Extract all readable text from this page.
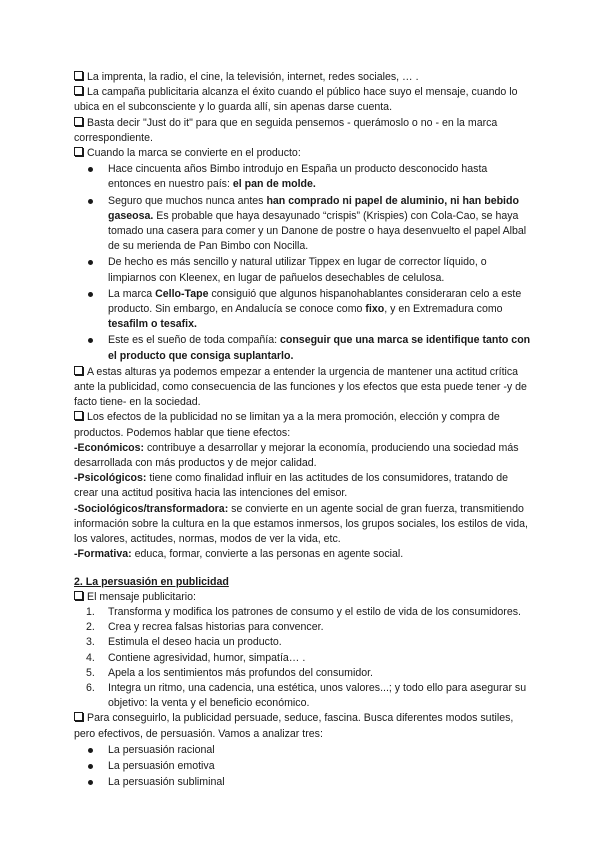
La imprenta, la radio, el cine, la televisión, internet, redes sociales, … .

La campaña publicitaria alcanza el éxito cuando el público hace suyo el mensaje, cuando lo ubica en el subconsciente y lo guarda allí, sin apenas darse cuenta.

Basta decir "Just do it" para que en seguida pensemos - querámoslo o no - en la marca correspondiente.

Cuando la marca se convierte en el producto:

Hace cincuenta años Bimbo introdujo en España un producto desconocido hasta entonces en nuestro país: el pan de molde.
Seguro que muchos nunca antes han comprado ni papel de aluminio, ni han bebido gaseosa. Es probable que haya desayunado “crispis” (Krispies) con Cola-Cao, se haya tomado una casera para comer y un Danone de postre o haya desenvuelto el papel Albal de su merienda de Pan Bimbo con Nocilla.
De hecho es más sencillo y natural utilizar Tippex en lugar de corrector líquido, o limpiarnos con Kleenex, en lugar de pañuelos desechables de celulosa.
La marca Cello-Tape consiguió que algunos hispanohablantes consideraran celo a este producto. Sin embargo, en Andalucía se conoce como fixo, y en Extremadura como tesafilm o tesafix.
Este es el sueño de toda compañía: conseguir que una marca se identifique tanto con el producto que consiga suplantarlo.

A estas alturas ya podemos empezar a entender la urgencia de mantener una actitud crítica ante la publicidad, como consecuencia de las funciones y los efectos que esta puede tener -y de facto tiene- en la sociedad.

Los efectos de la publicidad no se limitan ya a la mera promoción, elección y compra de productos. Podemos hablar que tiene efectos:

-Económicos: contribuye a desarrollar y mejorar la economía, produciendo una sociedad más desarrollada con más productos y de mejor calidad.

-Psicológicos: tiene como finalidad influir en las actitudes de los consumidores, tratando de crear una actitud positiva hacia las intenciones del emisor.

-Sociológicos/transformadora: se convierte en un agente social de gran fuerza, transmitiendo información sobre la cultura en la que estamos inmersos, los grupos sociales, los estilos de vida, los valores, actitudes, normas, modos de ver la vida, etc.

-Formativa: educa, formar, convierte a las personas en agente social.

2. La persuasión en publicidad

El mensaje publicitario:

1. Transforma y modifica los patrones de consumo y el estilo de vida de los consumidores.
2. Crea y recrea falsas historias para convencer.
3. Estimula el deseo hacia un producto.
4. Contiene agresividad, humor, simpatía… .
5. Apela a los sentimientos más profundos del consumidor.
6. Integra un ritmo, una cadencia, una estética, unos valores...; y todo ello para asegurar su objetivo: la venta y el beneficio económico.

Para conseguirlo, la publicidad persuade, seduce, fascina. Busca diferentes modos sutiles, pero efectivos, de persuasión. Vamos a analizar tres:

La persuasión racional
La persuasión emotiva
La persuasión subliminal
